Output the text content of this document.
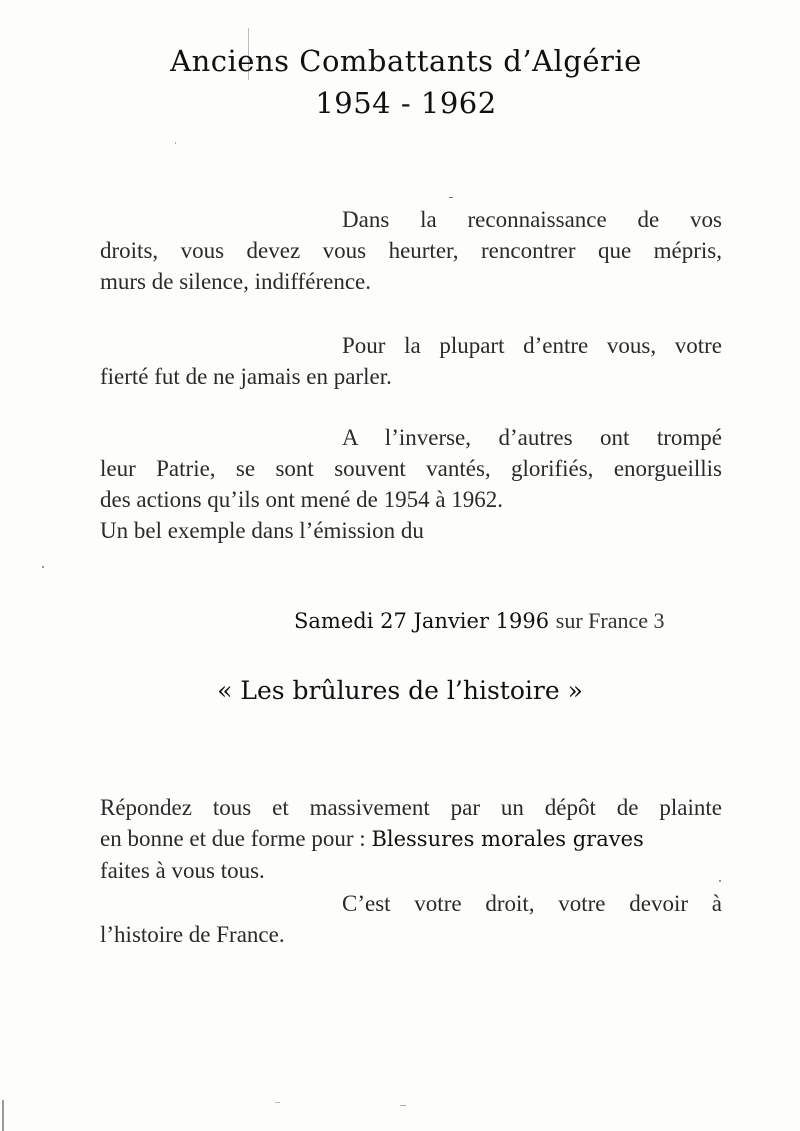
Anciens Combattants d’Algérie
1954 - 1962
Dans la reconnaissance de vos
droits, vous devez vous heurter, rencontrer que mépris,
murs de silence, indifférence.
Pour la plupart d’entre vous, votre
fierté fut de ne jamais en parler.
A l’inverse, d’autres ont trompé
leur Patrie, se sont souvent vantés, glorifiés, enorgueillis
des actions qu’ils ont mené de 1954 à 1962.
Un bel exemple dans l’émission du
Samedi 27 Janvier 1996 sur France 3
« Les brûlures de l’histoire »
Répondez tous et massivement par un dépôt de plainte
en bonne et due forme pour : Blessures morales graves
faites à vous tous.
C’est votre droit, votre devoir à
l’histoire de France.
